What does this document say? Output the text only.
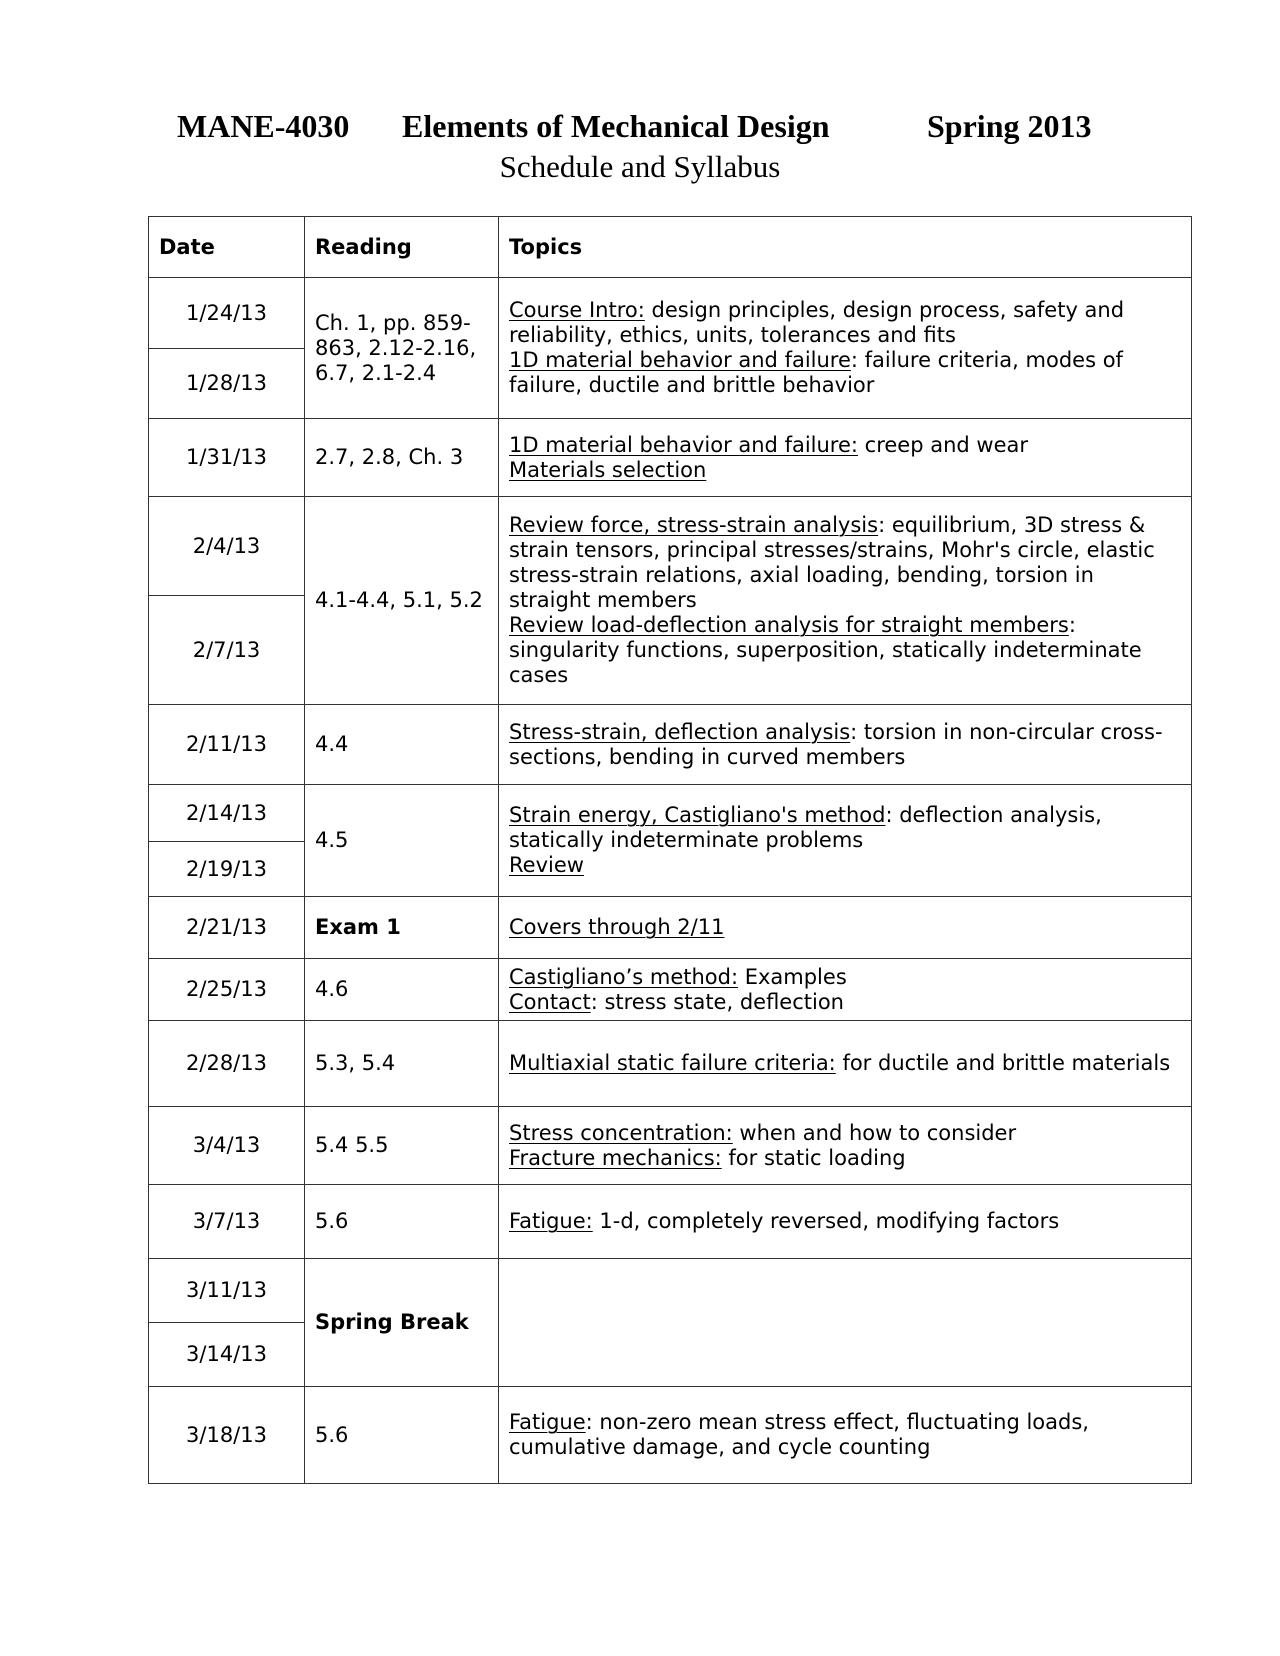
MANE-4030 Elements of Mechanical Design	Spring 2013
Schedule and Syllabus
Date	Reading	Topics
1/24/13	Ch. 1, pp. 859-863, 2.12-2.16, 6.7, 2.1-2.4	Course Intro: design principles, design process, safety and reliability, ethics, units, tolerances and fits
1D material behavior and failure: failure criteria, modes of failure, ductile and brittle behavior
1/28/13		
1/31/13	2.7, 2.8, Ch. 3	1D material behavior and failure: creep and wear
Materials selection
2/4/13	4.1-4.4, 5.1, 5.2	Review force, stress-strain analysis: equilibrium, 3D stress & strain tensors, principal stresses/strains, Mohr's circle, elastic stress-strain relations, axial loading, bending, torsion in straight members
Review load-deflection analysis for straight members: singularity functions, superposition, statically indeterminate cases
2/7/13		
2/11/13	4.4	Stress-strain, deflection analysis: torsion in non-circular cross-sections, bending in curved members
2/14/13	4.5	Strain energy, Castigliano's method: deflection analysis, statically indeterminate problems
Review
2/19/13		
2/21/13	Exam 1	Covers through 2/11
2/25/13	4.6	Castigliano’s method: Examples
Contact: stress state, deflection
2/28/13	5.3, 5.4	Multiaxial static failure criteria: for ductile and brittle materials
3/4/13	5.4 5.5	Stress concentration: when and how to consider
Fracture mechanics: for static loading
3/7/13	5.6	Fatigue: 1-d, completely reversed, modifying factors
3/11/13	Spring Break	
3/14/13		
3/18/13	5.6	Fatigue: non-zero mean stress effect, fluctuating loads, cumulative damage, and cycle counting
